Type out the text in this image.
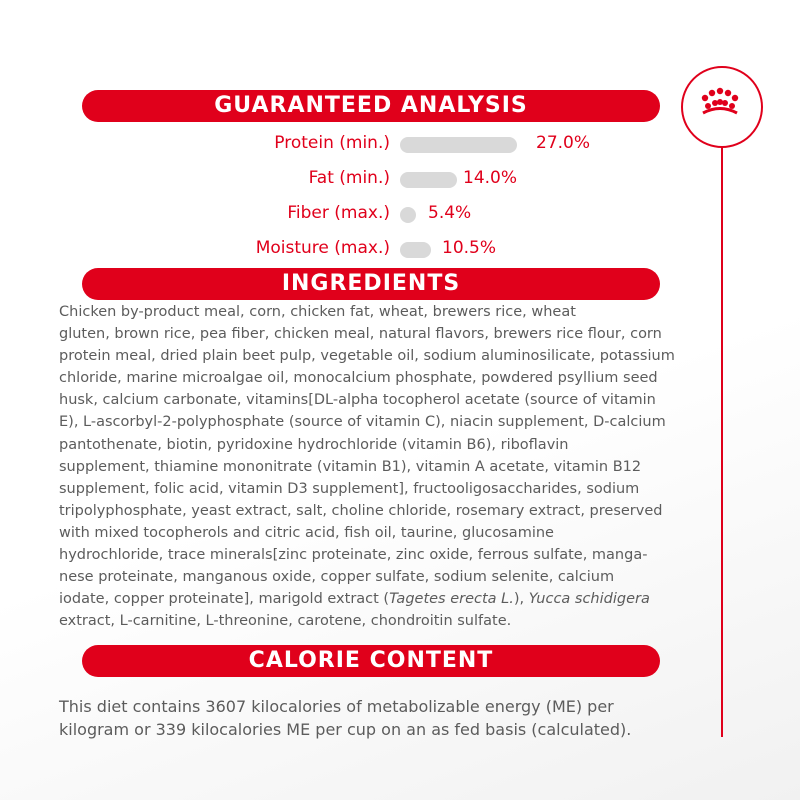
GUARANTEED ANALYSIS
Protein (min.)	27.0%
Fat (min.)	14.0%
Fiber (max.) 5.4%
Moisture (max.)	10.5%
INGREDIENTS
Chicken by-product meal, corn, chicken fat, wheat, brewers rice, wheat
gluten, brown rice, pea fiber, chicken meal, natural flavors, brewers rice flour, corn
protein meal, dried plain beet pulp, vegetable oil, sodium aluminosilicate, potassium
chloride, marine microalgae oil, monocalcium phosphate, powdered psyllium seed
husk, calcium carbonate, vitamins[DL-alpha tocopherol acetate (source of vitamin
E), L-ascorbyl-2-polyphosphate (source of vitamin C), niacin supplement, D-calcium
pantothenate, biotin, pyridoxine hydrochloride (vitamin B6), riboflavin
supplement, thiamine mononitrate (vitamin B1), vitamin A acetate, vitamin B12
supplement, folic acid, vitamin D3 supplement], fructooligosaccharides, sodium
tripolyphosphate, yeast extract, salt, choline chloride, rosemary extract, preserved
with mixed tocopherols and citric acid, fish oil, taurine, glucosamine
hydrochloride, trace minerals[zinc proteinate, zinc oxide, ferrous sulfate, manga-
nese proteinate, manganous oxide, copper sulfate, sodium selenite, calcium
iodate, copper proteinate], marigold extract (Tagetes erecta L.), Yucca schidigera
extract, L-carnitine, L-threonine, carotene, chondroitin sulfate.
CALORIE CONTENT
This diet contains 3607 kilocalories of metabolizable energy (ME) per
kilogram or 339 kilocalories ME per cup on an as fed basis (calculated).
